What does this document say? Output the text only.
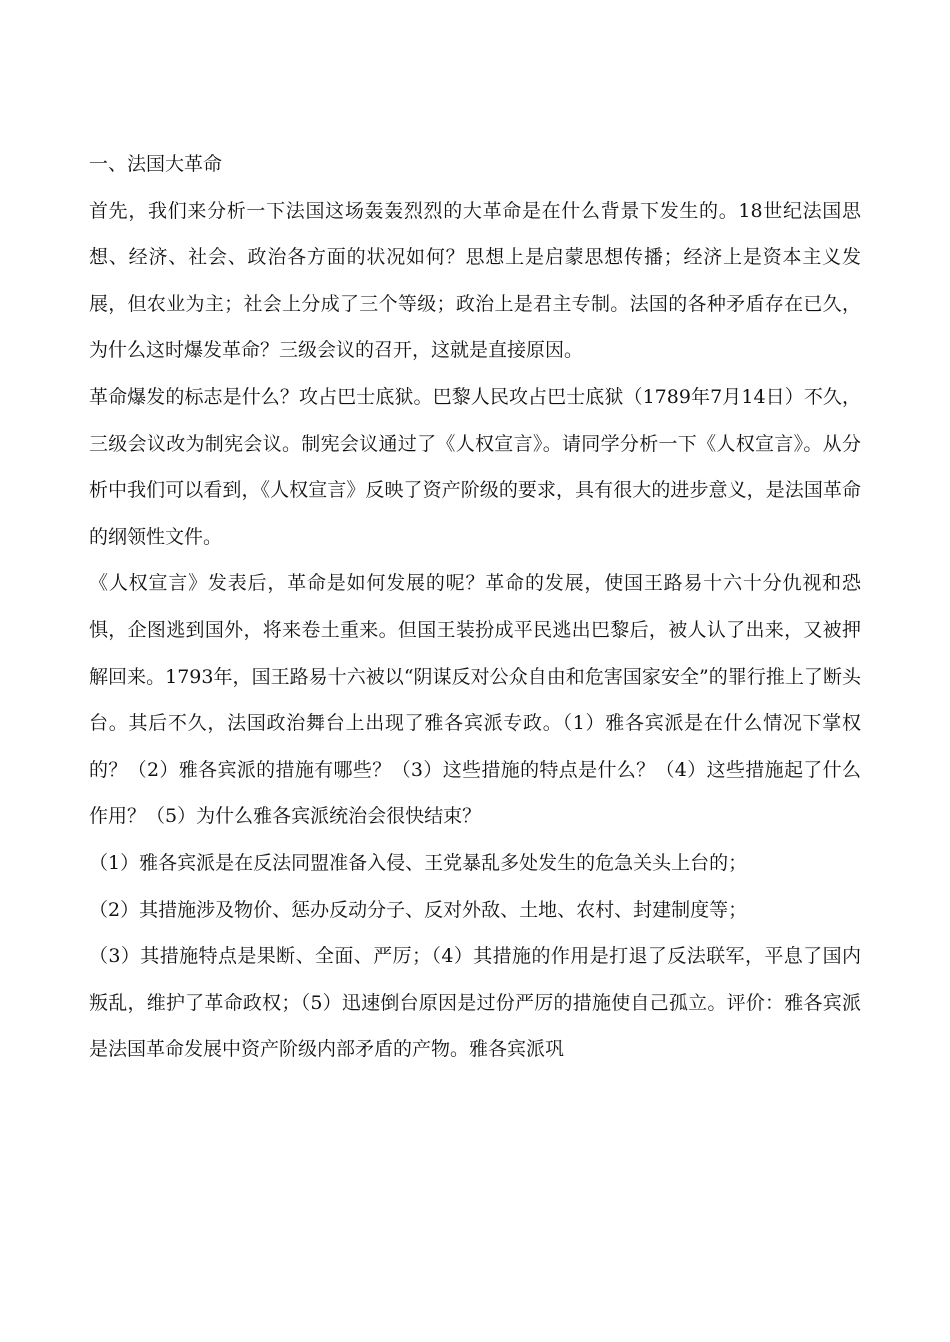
一、法国大革命

首先，我们来分析一下法国这场轰轰烈烈的大革命是在什么背景下发生的。18世纪法国思想、经济、社会、政治各方面的状况如何？思想上是启蒙思想传播；经济上是资本主义发展，但农业为主；社会上分成了三个等级；政治上是君主专制。法国的各种矛盾存在已久，为什么这时爆发革命？三级会议的召开，这就是直接原因。

革命爆发的标志是什么？攻占巴士底狱。巴黎人民攻占巴士底狱（1789年7月14日）不久，三级会议改为制宪会议。制宪会议通过了《人权宣言》。请同学分析一下《人权宣言》。从分析中我们可以看到，《人权宣言》反映了资产阶级的要求，具有很大的进步意义，是法国革命的纲领性文件。

《人权宣言》发表后，革命是如何发展的呢？革命的发展，使国王路易十六十分仇视和恐惧，企图逃到国外，将来卷土重来。但国王装扮成平民逃出巴黎后，被人认了出来，又被押解回来。1793年，国王路易十六被以“阴谋反对公众自由和危害国家安全”的罪行推上了断头台。其后不久，法国政治舞台上出现了雅各宾派专政。（1）雅各宾派是在什么情况下掌权的？（2）雅各宾派的措施有哪些？（3）这些措施的特点是什么？（4）这些措施起了什么作用？（5）为什么雅各宾派统治会很快结束？

（1）雅各宾派是在反法同盟准备入侵、王党暴乱多处发生的危急关头上台的；

（2）其措施涉及物价、惩办反动分子、反对外敌、土地、农村、封建制度等；

（3）其措施特点是果断、全面、严厉；（4）其措施的作用是打退了反法联军，平息了国内叛乱，维护了革命政权；（5）迅速倒台原因是过份严厉的措施使自己孤立。评价：雅各宾派是法国革命发展中资产阶级内部矛盾的产物。雅各宾派巩
